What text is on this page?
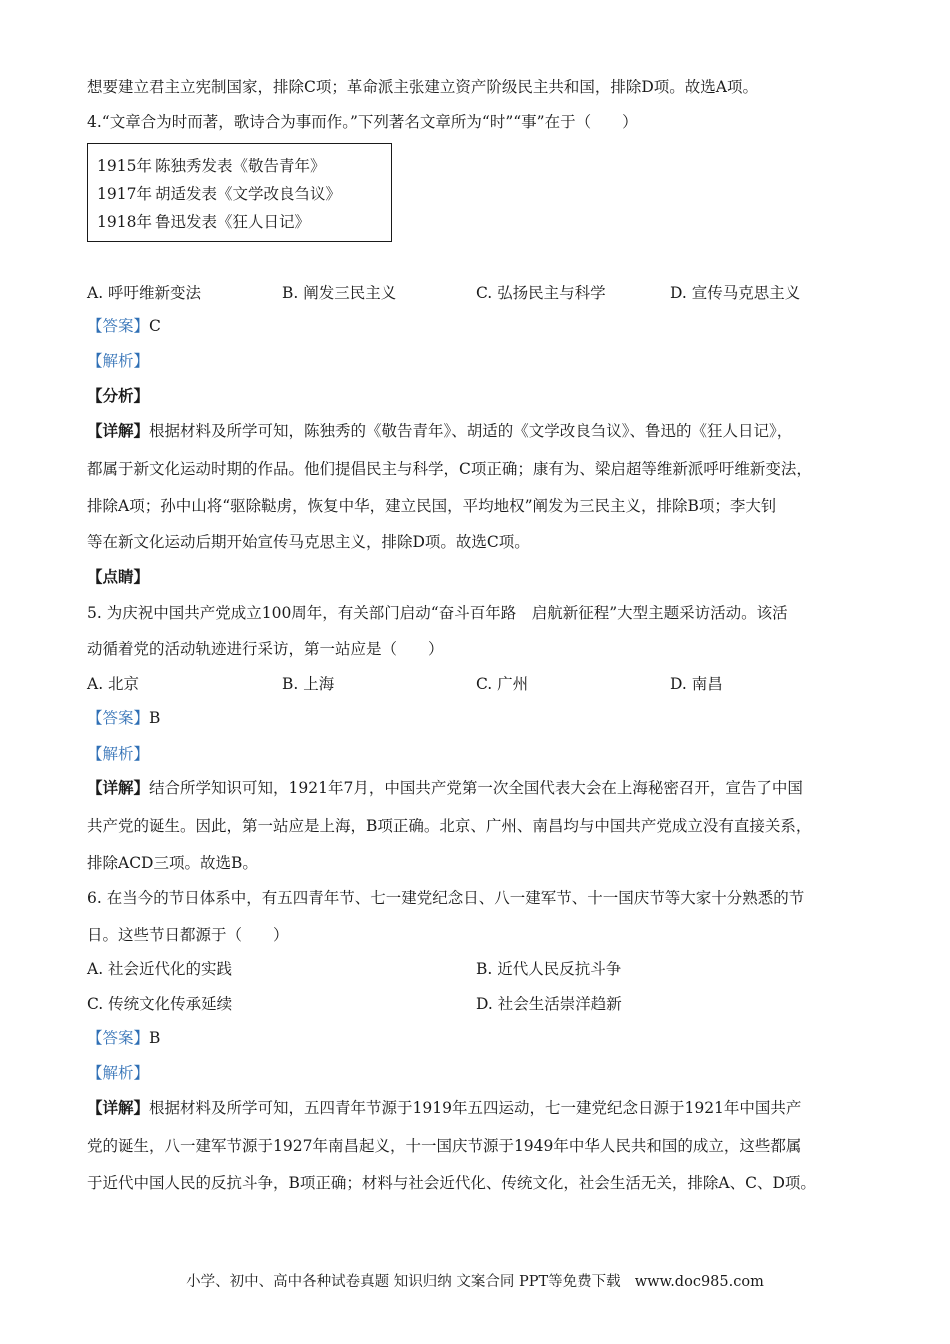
想要建立君主立宪制国家，排除C项；革命派主张建立资产阶级民主共和国，排除D项。故选A项。
4.“文章合为时而著，歌诗合为事而作。”下列著名文章所为“时”“事”在于（　　）
1915年 陈独秀发表《敬告青年》
1917年 胡适发表《文学改良刍议》
1918年 鲁迅发表《狂人日记》
A. 呼吁维新变法	B. 阐发三民主义	C. 弘扬民主与科学	D. 宣传马克思主义
【答案】C
【解析】
【分析】
【详解】根据材料及所学可知，陈独秀的《敬告青年》、胡适的《文学改良刍议》、鲁迅的《狂人日记》，
都属于新文化运动时期的作品。他们提倡民主与科学，C项正确；康有为、梁启超等维新派呼吁维新变法，
排除A项；孙中山将“驱除鞑虏，恢复中华，建立民国，平均地权”阐发为三民主义，排除B项；李大钊
等在新文化运动后期开始宣传马克思主义，排除D项。故选C项。
【点睛】
5. 为庆祝中国共产党成立100周年，有关部门启动“奋斗百年路　启航新征程”大型主题采访活动。该活
动循着党的活动轨迹进行采访，第一站应是（　　）
A. 北京	B. 上海	C. 广州	D. 南昌
【答案】B
【解析】
【详解】结合所学知识可知，1921年7月，中国共产党第一次全国代表大会在上海秘密召开，宣告了中国
共产党的诞生。因此，第一站应是上海，B项正确。北京、广州、南昌均与中国共产党成立没有直接关系，
排除ACD三项。故选B。
6. 在当今的节日体系中，有五四青年节、七一建党纪念日、八一建军节、十一国庆节等大家十分熟悉的节
日。这些节日都源于（　　）
A. 社会近代化的实践	B. 近代人民反抗斗争
C. 传统文化传承延续	D. 社会生活崇洋趋新
【答案】B
【解析】
【详解】根据材料及所学可知，五四青年节源于1919年五四运动，七一建党纪念日源于1921年中国共产
党的诞生，八一建军节源于1927年南昌起义，十一国庆节源于1949年中华人民共和国的成立，这些都属
于近代中国人民的反抗斗争，B项正确；材料与社会近代化、传统文化，社会生活无关，排除A、C、D项。
小学、初中、高中各种试卷真题 知识归纳 文案合同 PPT等免费下载 www.doc985.com
